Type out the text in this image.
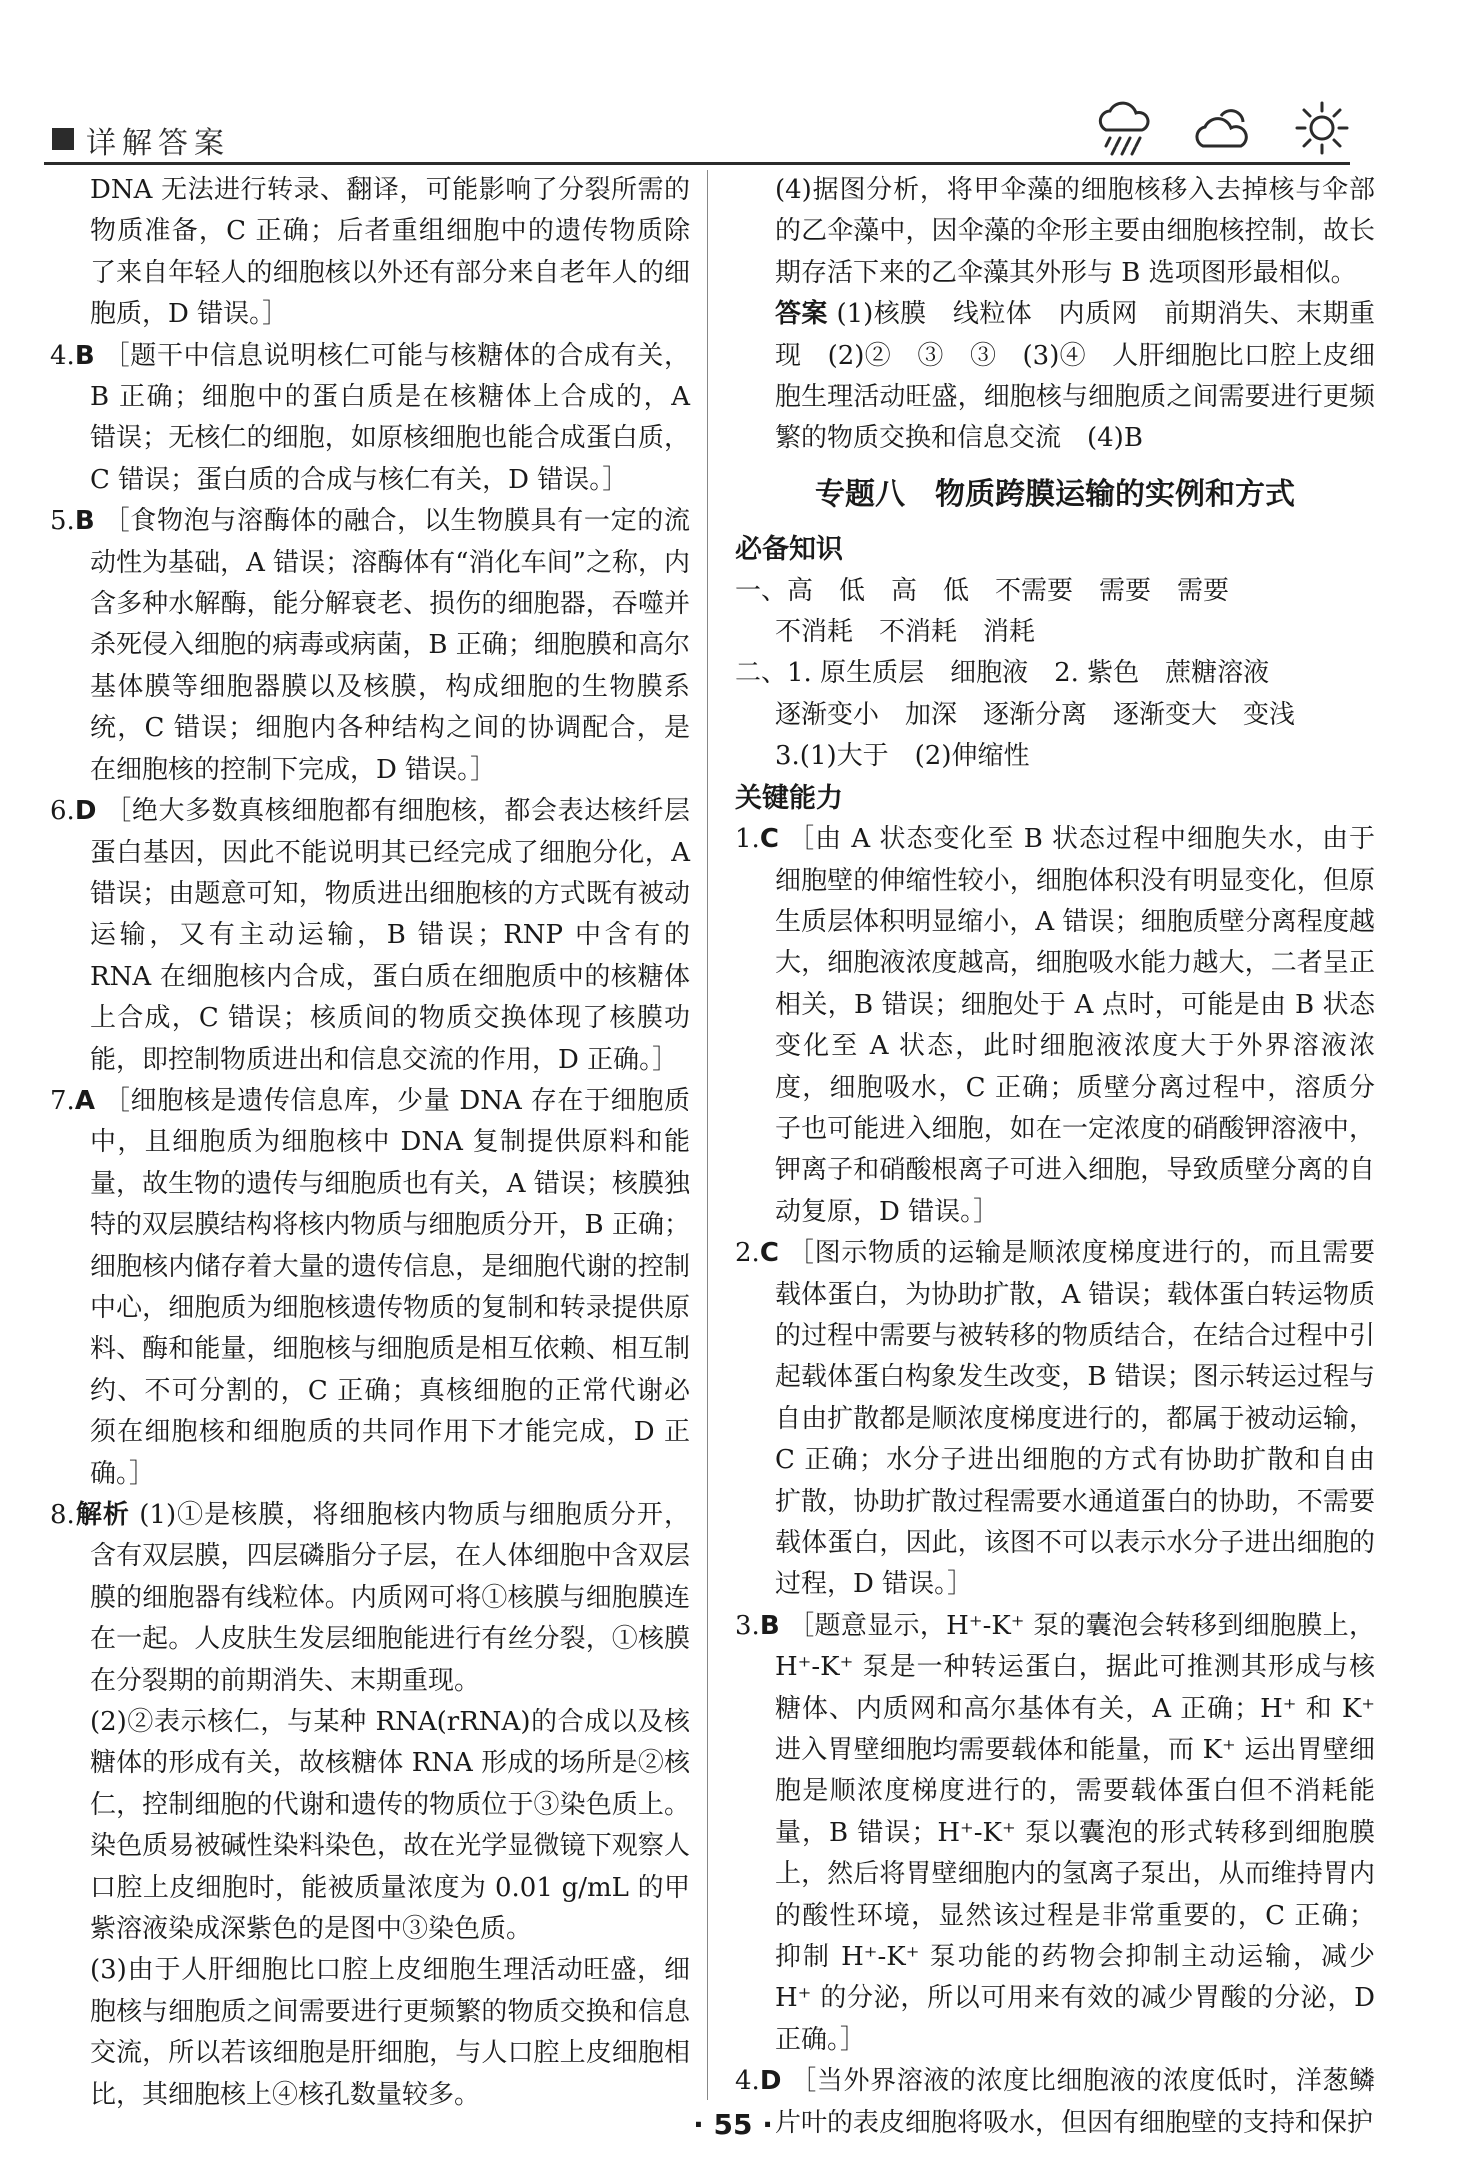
详解答案

DNA 无法进行转录、翻译，可能影响了分裂所需的物质准备，C 正确；后者重组细胞中的遗传物质除了来自年轻人的细胞核以外还有部分来自老年人的细胞质，D 错误。］

4.B ［题干中信息说明核仁可能与核糖体的合成有关，B 正确；细胞中的蛋白质是在核糖体上合成的，A 错误；无核仁的细胞，如原核细胞也能合成蛋白质，C 错误；蛋白质的合成与核仁有关，D 错误。］

5.B ［食物泡与溶酶体的融合，以生物膜具有一定的流动性为基础，A 错误；溶酶体有“消化车间”之称，内含多种水解酶，能分解衰老、损伤的细胞器，吞噬并杀死侵入细胞的病毒或病菌，B 正确；细胞膜和高尔基体膜等细胞器膜以及核膜，构成细胞的生物膜系统，C 错误；细胞内各种结构之间的协调配合，是在细胞核的控制下完成，D 错误。］

6.D ［绝大多数真核细胞都有细胞核，都会表达核纤层蛋白基因，因此不能说明其已经完成了细胞分化，A 错误；由题意可知，物质进出细胞核的方式既有被动运输，又有主动运输，B 错误；RNP 中含有的 RNA 在细胞核内合成，蛋白质在细胞质中的核糖体上合成，C 错误；核质间的物质交换体现了核膜功能，即控制物质进出和信息交流的作用，D 正确。］

7.A ［细胞核是遗传信息库，少量 DNA 存在于细胞质中，且细胞质为细胞核中 DNA 复制提供原料和能量，故生物的遗传与细胞质也有关，A 错误；核膜独特的双层膜结构将核内物质与细胞质分开，B 正确；细胞核内储存着大量的遗传信息，是细胞代谢的控制中心，细胞质为细胞核遗传物质的复制和转录提供原料、酶和能量，细胞核与细胞质是相互依赖、相互制约、不可分割的，C 正确；真核细胞的正常代谢必须在细胞核和细胞质的共同作用下才能完成，D 正确。］

8.解析 (1)①是核膜，将细胞核内物质与细胞质分开，含有双层膜，四层磷脂分子层，在人体细胞中含双层膜的细胞器有线粒体。内质网可将①核膜与细胞膜连在一起。人皮肤生发层细胞能进行有丝分裂，①核膜在分裂期的前期消失、末期重现。

(2)②表示核仁，与某种 RNA(rRNA)的合成以及核糖体的形成有关，故核糖体 RNA 形成的场所是②核仁，控制细胞的代谢和遗传的物质位于③染色质上。染色质易被碱性染料染色，故在光学显微镜下观察人口腔上皮细胞时，能被质量浓度为 0.01 g/mL 的甲紫溶液染成深紫色的是图中③染色质。

(3)由于人肝细胞比口腔上皮细胞生理活动旺盛，细胞核与细胞质之间需要进行更频繁的物质交换和信息交流，所以若该细胞是肝细胞，与人口腔上皮细胞相比，其细胞核上④核孔数量较多。

(4)据图分析，将甲伞藻的细胞核移入去掉核与伞部的乙伞藻中，因伞藻的伞形主要由细胞核控制，故长期存活下来的乙伞藻其外形与 B 选项图形最相似。

答案 (1)核膜　线粒体　内质网　前期消失、末期重现　(2)②　③　③　(3)④　人肝细胞比口腔上皮细胞生理活动旺盛，细胞核与细胞质之间需要进行更频繁的物质交换和信息交流　(4)B

专题八　物质跨膜运输的实例和方式

必备知识

一、高　低　高　低　不需要　需要　需要

不消耗　不消耗　消耗

二、1. 原生质层　细胞液　2. 紫色　蔗糖溶液

逐渐变小　加深　逐渐分离　逐渐变大　变浅

3.(1)大于　(2)伸缩性

关键能力

1.C ［由 A 状态变化至 B 状态过程中细胞失水，由于细胞壁的伸缩性较小，细胞体积没有明显变化，但原生质层体积明显缩小，A 错误；细胞质壁分离程度越大，细胞液浓度越高，细胞吸水能力越大，二者呈正相关，B 错误；细胞处于 A 点时，可能是由 B 状态变化至 A 状态，此时细胞液浓度大于外界溶液浓度，细胞吸水，C 正确；质壁分离过程中，溶质分子也可能进入细胞，如在一定浓度的硝酸钾溶液中，钾离子和硝酸根离子可进入细胞，导致质壁分离的自动复原，D 错误。］

2.C ［图示物质的运输是顺浓度梯度进行的，而且需要载体蛋白，为协助扩散，A 错误；载体蛋白转运物质的过程中需要与被转移的物质结合，在结合过程中引起载体蛋白构象发生改变，B 错误；图示转运过程与自由扩散都是顺浓度梯度进行的，都属于被动运输，C 正确；水分子进出细胞的方式有协助扩散和自由扩散，协助扩散过程需要水通道蛋白的协助，不需要载体蛋白，因此，该图不可以表示水分子进出细胞的过程，D 错误。］

3.B ［题意显示，H⁺-K⁺ 泵的囊泡会转移到细胞膜上，H⁺-K⁺ 泵是一种转运蛋白，据此可推测其形成与核糖体、内质网和高尔基体有关，A 正确；H⁺ 和 K⁺ 进入胃壁细胞均需要载体和能量，而 K⁺ 运出胃壁细胞是顺浓度梯度进行的，需要载体蛋白但不消耗能量，B 错误；H⁺-K⁺ 泵以囊泡的形式转移到细胞膜上，然后将胃壁细胞内的氢离子泵出，从而维持胃内的酸性环境，显然该过程是非常重要的，C 正确；抑制 H⁺-K⁺ 泵功能的药物会抑制主动运输，减少 H⁺ 的分泌，所以可用来有效的减少胃酸的分泌，D 正确。］

4.D ［当外界溶液的浓度比细胞液的浓度低时，洋葱鳞片叶的表皮细胞将吸水，但因有细胞壁的支持和保护

· 55 ·
